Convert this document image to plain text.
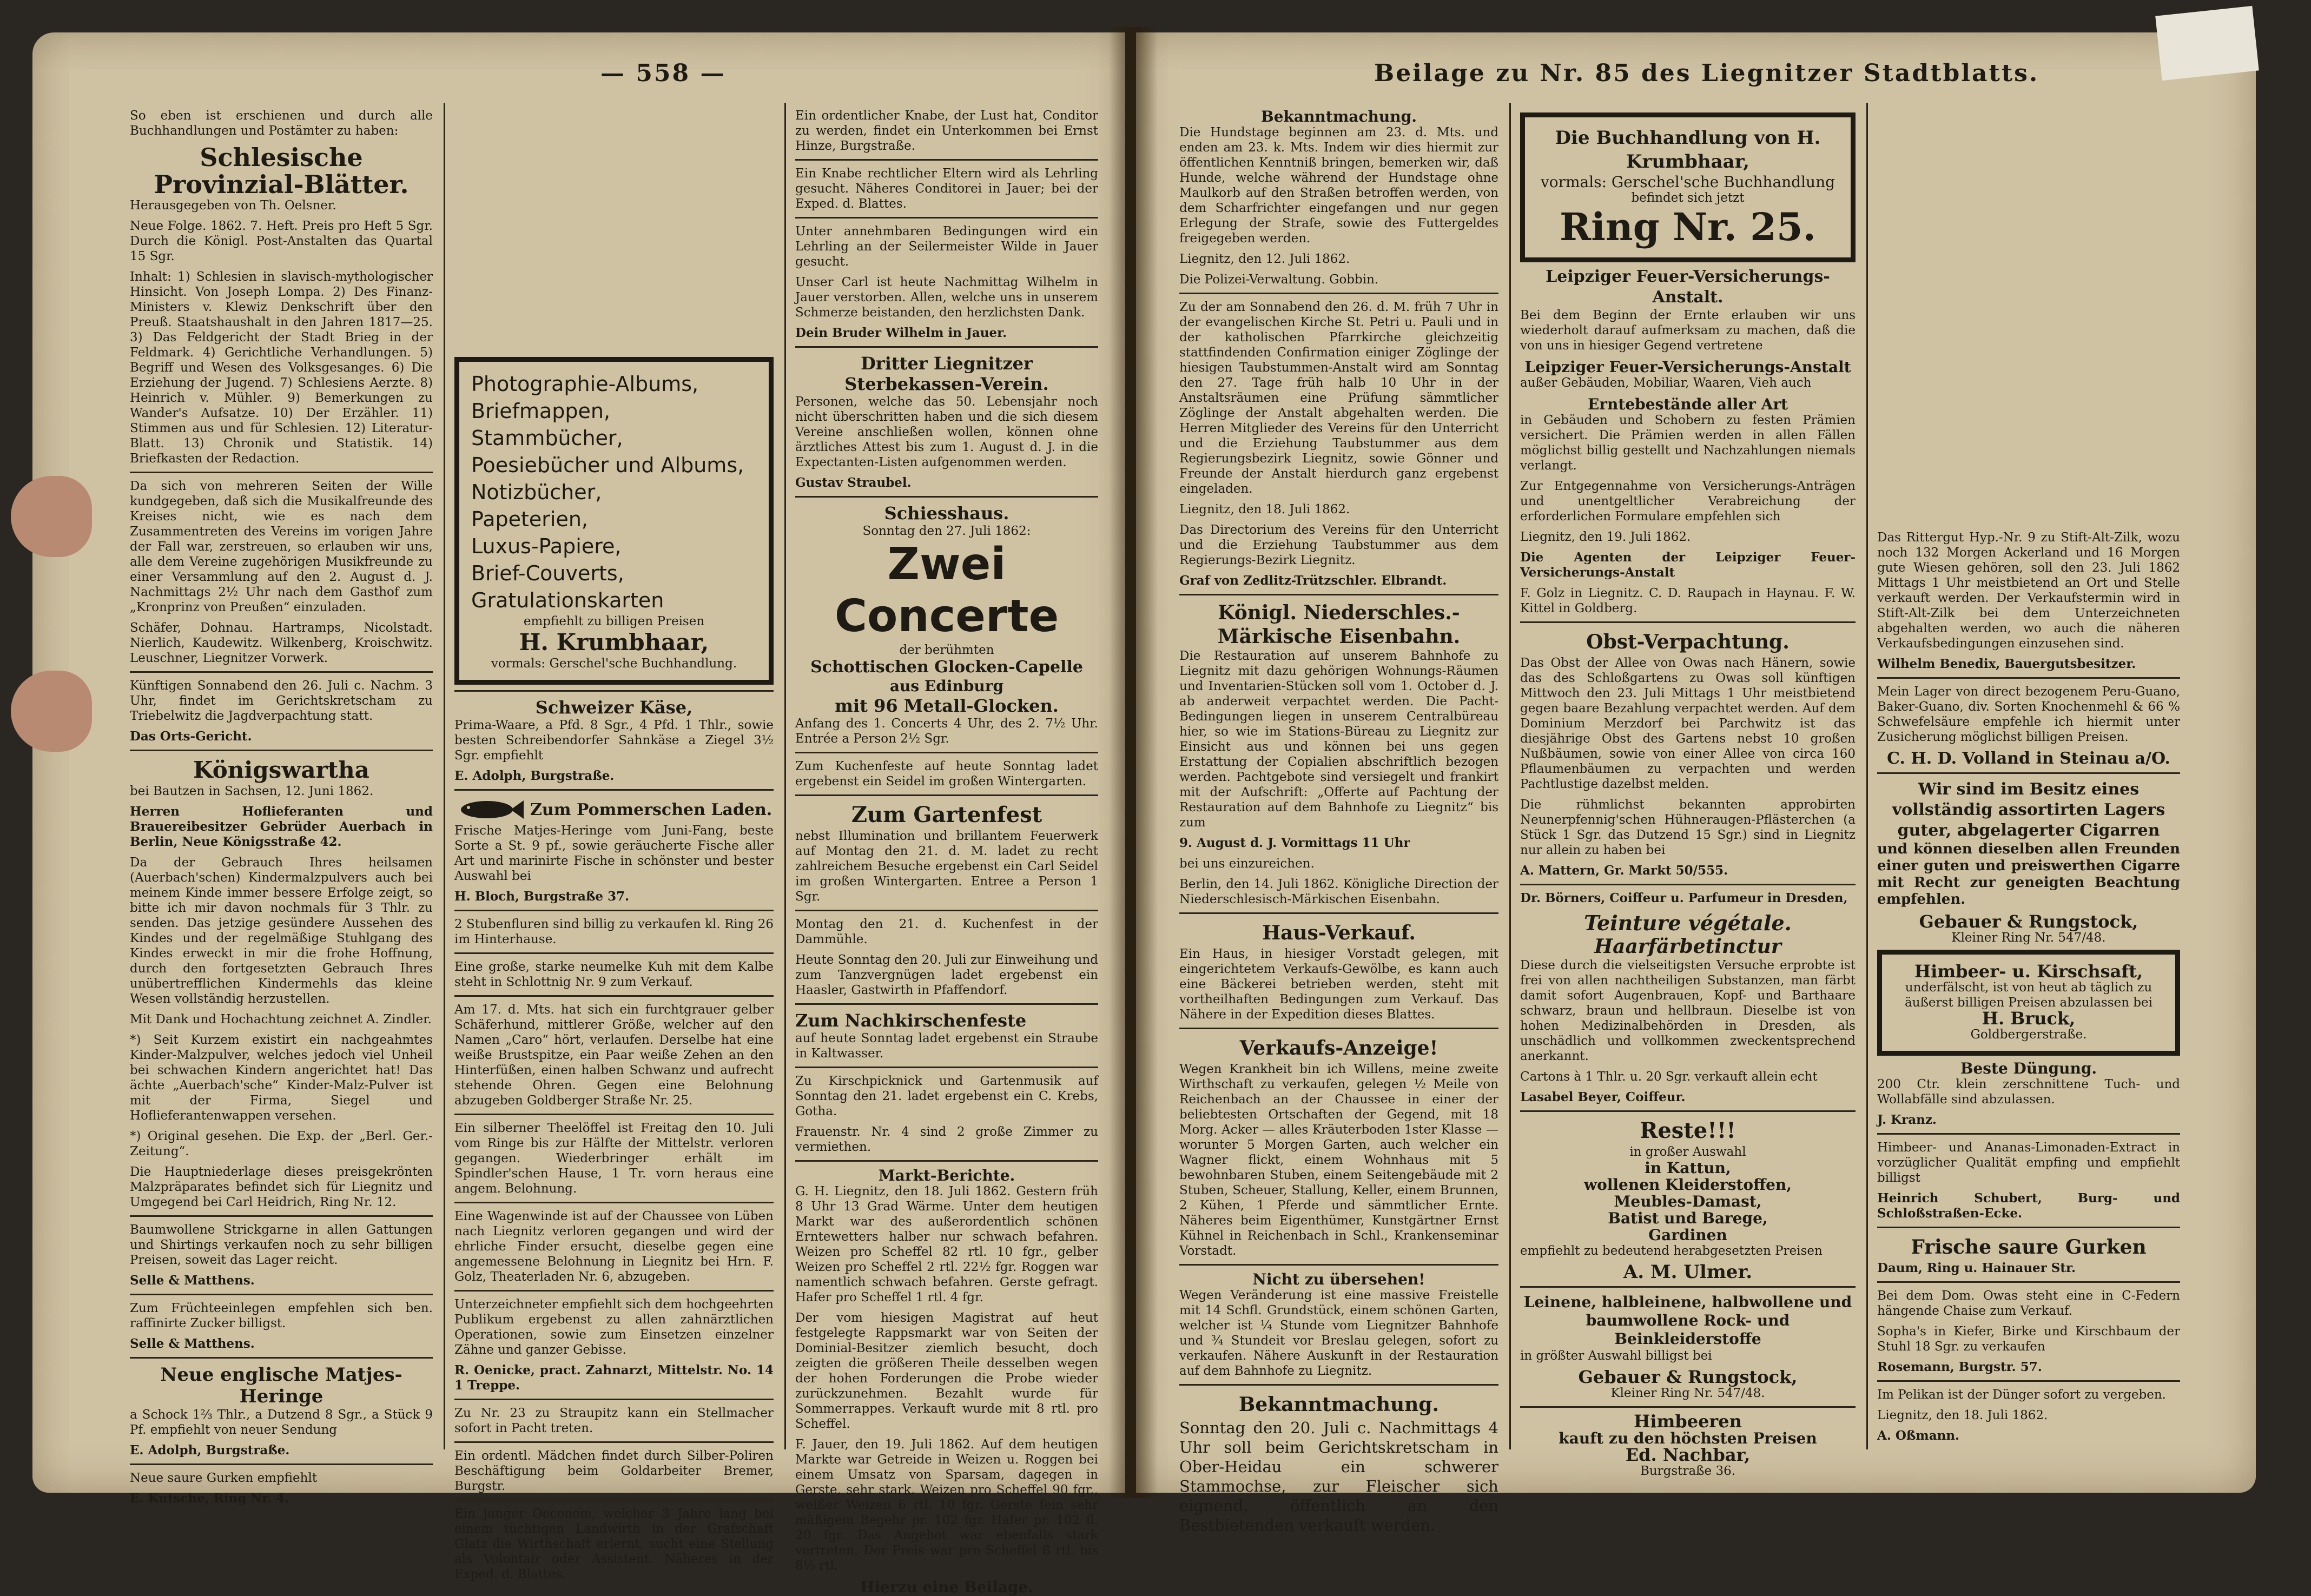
— 558 —

So eben ist erschienen und durch alle Buchhandlungen und Postämter zu haben:

Schlesische Provinzial-Blätter.

Herausgegeben von Th. Oelsner.

Neue Folge. 1862. 7. Heft. Preis pro Heft 5 Sgr. Durch die Königl. Post-Anstalten das Quartal 15 Sgr.

Inhalt: 1) Schlesien in slavisch-mythologischer Hinsicht. Von Joseph Lompa. 2) Des Finanz-Ministers v. Klewiz Denkschrift über den Preuß. Staatshaushalt in den Jahren 1817—25. 3) Das Feldgericht der Stadt Brieg in der Feldmark. 4) Gerichtliche Verhandlungen. 5) Begriff und Wesen des Volksgesanges. 6) Die Erziehung der Jugend. 7) Schlesiens Aerzte. 8) Heinrich v. Mühler. 9) Bemerkungen zu Wander's Aufsatze. 10) Der Erzähler. 11) Stimmen aus und für Schlesien. 12) Literatur-Blatt. 13) Chronik und Statistik. 14) Briefkasten der Redaction.

Da sich von mehreren Seiten der Wille kundgegeben, daß sich die Musikalfreunde des Kreises nicht, wie es nach dem Zusammentreten des Vereins im vorigen Jahre der Fall war, zerstreuen, so erlauben wir uns, alle dem Vereine zugehörigen Musikfreunde zu einer Versammlung auf den 2. August d. J. Nachmittags 2½ Uhr nach dem Gasthof zum „Kronprinz von Preußen“ einzuladen.

Schäfer, Dohnau. Hartramps, Nicolstadt. Nierlich, Kaudewitz. Wilkenberg, Kroischwitz. Leuschner, Liegnitzer Vorwerk.

Künftigen Sonnabend den 26. Juli c. Nachm. 3 Uhr, findet im Gerichtskretscham zu Triebelwitz die Jagdverpachtung statt.

Das Orts-Gericht.

Königswartha

bei Bautzen in Sachsen, 12. Juni 1862.

Herren Hoflieferanten und Brauereibesitzer Gebrüder Auerbach in Berlin, Neue Königsstraße 42.

Da der Gebrauch Ihres heilsamen (Auerbach'schen) Kindermalzpulvers auch bei meinem Kinde immer bessere Erfolge zeigt, so bitte ich mir davon nochmals für 3 Thlr. zu senden. Das jetzige gesündere Aussehen des Kindes und der regelmäßige Stuhlgang des Kindes erweckt in mir die frohe Hoffnung, durch den fortgesetzten Gebrauch Ihres unübertrefflichen Kindermehls das kleine Wesen vollständig herzustellen.

Mit Dank und Hochachtung zeichnet A. Zindler.

*) Seit Kurzem existirt ein nachgeahmtes Kinder-Malzpulver, welches jedoch viel Unheil bei schwachen Kindern angerichtet hat! Das ächte „Auerbach'sche“ Kinder-Malz-Pulver ist mit der Firma, Siegel und Hoflieferantenwappen versehen.

*) Original gesehen. Die Exp. der „Berl. Ger.-Zeitung“.

Die Hauptniederlage dieses preisgekrönten Malzpräparates befindet sich für Liegnitz und Umgegend bei Carl Heidrich, Ring Nr. 12.

Baumwollene Strickgarne in allen Gattungen und Shirtings verkaufen noch zu sehr billigen Preisen, soweit das Lager reicht.

Selle & Matthens.

Zum Früchteeinlegen empfehlen sich ben. raffinirte Zucker billigst.

Selle & Matthens.

Neue englische Matjes-Heringe

a Schock 1⅔ Thlr., a Dutzend 8 Sgr., a Stück 9 Pf. empfiehlt von neuer Sendung

E. Adolph, Burgstraße.

Neue saure Gurken empfiehlt

E. Kutsche, Ring Nr. 4.

Photographie-Albums,
Briefmappen,
Stammbücher,
Poesiebücher und Albums,
Notizbücher,
Papeterien,
Luxus-Papiere,
Brief-Couverts,
Gratulationskarten
empfiehlt zu billigen Preisen
H. Krumbhaar,
vormals: Gerschel'sche Buchhandlung.
Schweizer Käse,

Prima-Waare, a Pfd. 8 Sgr., 4 Pfd. 1 Thlr., sowie besten Schreibendorfer Sahnkäse a Ziegel 3½ Sgr. empfiehlt

E. Adolph, Burgstraße.

Zum Pommerschen Laden.

Frische Matjes-Heringe vom Juni-Fang, beste Sorte a St. 9 pf., sowie geräucherte Fische aller Art und marinirte Fische in schönster und bester Auswahl bei

H. Bloch, Burgstraße 37.

2 Stubenfluren sind billig zu verkaufen kl. Ring 26 im Hinterhause.

Eine große, starke neumelke Kuh mit dem Kalbe steht in Schlottnig Nr. 9 zum Verkauf.

Am 17. d. Mts. hat sich ein furchtgrauer gelber Schäferhund, mittlerer Größe, welcher auf den Namen „Caro“ hört, verlaufen. Derselbe hat eine weiße Brustspitze, ein Paar weiße Zehen an den Hinterfüßen, einen halben Schwanz und aufrecht stehende Ohren. Gegen eine Belohnung abzugeben Goldberger Straße Nr. 25.

Ein silberner Theelöffel ist Freitag den 10. Juli vom Ringe bis zur Hälfte der Mittelstr. verloren gegangen. Wiederbringer erhält im Spindler'schen Hause, 1 Tr. vorn heraus eine angem. Belohnung.

Eine Wagenwinde ist auf der Chaussee von Lüben nach Liegnitz verloren gegangen und wird der ehrliche Finder ersucht, dieselbe gegen eine angemessene Belohnung in Liegnitz bei Hrn. F. Golz, Theaterladen Nr. 6, abzugeben.

Unterzeichneter empfiehlt sich dem hochgeehrten Publikum ergebenst zu allen zahnärztlichen Operationen, sowie zum Einsetzen einzelner Zähne und ganzer Gebisse.

R. Oenicke, pract. Zahnarzt, Mittelstr. No. 14 1 Treppe.

Zu Nr. 23 zu Straupitz kann ein Stellmacher sofort in Pacht treten.

Ein ordentl. Mädchen findet durch Silber-Poliren Beschäftigung beim Goldarbeiter Bremer, Burgstr.

Ein junger Oeconom, welcher 3 Jahre lang bei einem tüchtigen Landwirth in der Grafschaft Glatz die Wirthschaft erlernt, sucht eine Stellung als Volontair oder Assistent. Näheres in der Exped. d. Blattes.

Ein ordentlicher Knabe, der Lust hat, Conditor zu werden, findet ein Unterkommen bei Ernst Hinze, Burgstraße.

Ein Knabe rechtlicher Eltern wird als Lehrling gesucht. Näheres Conditorei in Jauer; bei der Exped. d. Blattes.

Unter annehmbaren Bedingungen wird ein Lehrling an der Seilermeister Wilde in Jauer gesucht.

Unser Carl ist heute Nachmittag Wilhelm in Jauer verstorben. Allen, welche uns in unserem Schmerze beistanden, den herzlichsten Dank.

Dein Bruder Wilhelm in Jauer.

Dritter Liegnitzer Sterbekassen-Verein.

Personen, welche das 50. Lebensjahr noch nicht überschritten haben und die sich diesem Vereine anschließen wollen, können ohne ärztliches Attest bis zum 1. August d. J. in die Expectanten-Listen aufgenommen werden.

Gustav Straubel.

Schiesshaus.
Sonntag den 27. Juli 1862:
Zwei Concerte
der berühmten
Schottischen Glocken-Capelle
aus Edinburg
mit 96 Metall-Glocken.

Anfang des 1. Concerts 4 Uhr, des 2. 7½ Uhr. Entrée a Person 2½ Sgr.

Zum Kuchenfeste auf heute Sonntag ladet ergebenst ein Seidel im großen Wintergarten.

Zum Gartenfest

nebst Illumination und brillantem Feuerwerk auf Montag den 21. d. M. ladet zu recht zahlreichem Besuche ergebenst ein Carl Seidel im großen Wintergarten. Entree a Person 1 Sgr.

Montag den 21. d. Kuchenfest in der Dammühle.

Heute Sonntag den 20. Juli zur Einweihung und zum Tanzvergnügen ladet ergebenst ein Haasler, Gastwirth in Pfaffendorf.

Zum Nachkirschenfeste

auf heute Sonntag ladet ergebenst ein Straube in Kaltwasser.

Zu Kirschpicknick und Gartenmusik auf Sonntag den 21. ladet ergebenst ein C. Krebs, Gotha.

Frauenstr. Nr. 4 sind 2 große Zimmer zu vermiethen.

Markt-Berichte.

G. H. Liegnitz, den 18. Juli 1862. Gestern früh 8 Uhr 13 Grad Wärme. Unter dem heutigen Markt war des außerordentlich schönen Erntewetters halber nur schwach befahren. Weizen pro Scheffel 82 rtl. 10 fgr., gelber Weizen pro Scheffel 2 rtl. 22½ fgr. Roggen war namentlich schwach befahren. Gerste gefragt. Hafer pro Scheffel 1 rtl. 4 fgr.

Der vom hiesigen Magistrat auf heut festgelegte Rappsmarkt war von Seiten der Dominial-Besitzer ziemlich besucht, doch zeigten die größeren Theile desselben wegen der hohen Forderungen die Probe wieder zurückzunehmen. Bezahlt wurde für Sommerrappes. Verkauft wurde mit 8 rtl. pro Scheffel.

F. Jauer, den 19. Juli 1862. Auf dem heutigen Markte war Getreide in Weizen u. Roggen bei einem Umsatz von Sparsam, dagegen in Gerste, sehr stark. Weizen pro Scheffel 90 fgr., weißer Weizen 6 rtl. 10 fgr. Gerste fein sehr mäßigem Begehr pr. 102 fgr. Hafer pr. 102 fl. 20 fgr. Das Angebot war ebenfalls stark vertreten. Der Preis war pro Scheffel 8 rtl. bis 8⅓ rtl.

Hierzu eine Beilage.
Beilage zu Nr. 85 des Liegnitzer Stadtblatts.
Bekanntmachung.

Die Hundstage beginnen am 23. d. Mts. und enden am 23. k. Mts. Indem wir dies hiermit zur öffentlichen Kenntniß bringen, bemerken wir, daß Hunde, welche während der Hundstage ohne Maulkorb auf den Straßen betroffen werden, von dem Scharfrichter eingefangen und nur gegen Erlegung der Strafe, sowie des Futtergeldes freigegeben werden.

Liegnitz, den 12. Juli 1862.

Die Polizei-Verwaltung. Gobbin.

Zu der am Sonnabend den 26. d. M. früh 7 Uhr in der evangelischen Kirche St. Petri u. Pauli und in der katholischen Pfarrkirche gleichzeitig stattfindenden Confirmation einiger Zöglinge der hiesigen Taubstummen-Anstalt wird am Sonntag den 27. Tage früh halb 10 Uhr in der Anstaltsräumen eine Prüfung sämmtlicher Zöglinge der Anstalt abgehalten werden. Die Herren Mitglieder des Vereins für den Unterricht und die Erziehung Taubstummer aus dem Regierungsbezirk Liegnitz, sowie Gönner und Freunde der Anstalt hierdurch ganz ergebenst eingeladen.

Liegnitz, den 18. Juli 1862.

Das Directorium des Vereins für den Unterricht und die Erziehung Taubstummer aus dem Regierungs-Bezirk Liegnitz.

Graf von Zedlitz-Trützschler. Elbrandt.

Königl. Niederschles.-Märkische Eisenbahn.

Die Restauration auf unserem Bahnhofe zu Liegnitz mit dazu gehörigen Wohnungs-Räumen und Inventarien-Stücken soll vom 1. October d. J. ab anderweit verpachtet werden. Die Pacht-Bedingungen liegen in unserem Centralbüreau hier, so wie im Stations-Büreau zu Liegnitz zur Einsicht aus und können bei uns gegen Erstattung der Copialien abschriftlich bezogen werden. Pachtgebote sind versiegelt und frankirt mit der Aufschrift: „Offerte auf Pachtung der Restauration auf dem Bahnhofe zu Liegnitz“ bis zum

9. August d. J. Vormittags 11 Uhr

bei uns einzureichen.

Berlin, den 14. Juli 1862. Königliche Direction der Niederschlesisch-Märkischen Eisenbahn.

Haus-Verkauf.

Ein Haus, in hiesiger Vorstadt gelegen, mit eingerichtetem Verkaufs-Gewölbe, es kann auch eine Bäckerei betrieben werden, steht mit vortheilhaften Bedingungen zum Verkauf. Das Nähere in der Expedition dieses Blattes.

Verkaufs-Anzeige!

Wegen Krankheit bin ich Willens, meine zweite Wirthschaft zu verkaufen, gelegen ½ Meile von Reichenbach an der Chaussee in einer der beliebtesten Ortschaften der Gegend, mit 18 Morg. Acker — alles Kräuterboden 1ster Klasse — worunter 5 Morgen Garten, auch welcher ein Wagner flickt, einem Wohnhaus mit 5 bewohnbaren Stuben, einem Seitengebäude mit 2 Stuben, Scheuer, Stallung, Keller, einem Brunnen, 2 Kühen, 1 Pferde und sämmtlicher Ernte. Näheres beim Eigenthümer, Kunstgärtner Ernst Kühnel in Reichenbach in Schl., Krankenseminar Vorstadt.

Nicht zu übersehen!

Wegen Veränderung ist eine massive Freistelle mit 14 Schfl. Grundstück, einem schönen Garten, welcher ist ¼ Stunde vom Liegnitzer Bahnhofe und ¾ Stundeit vor Breslau gelegen, sofort zu verkaufen. Nähere Auskunft in der Restauration auf dem Bahnhofe zu Liegnitz.

Bekanntmachung.

Sonntag den 20. Juli c. Nachmittags 4 Uhr soll beim Gerichtskretscham in Ober-Heidau ein schwerer Stammochse, zur Fleischer sich eignend, öffentlich an den Bestbietenden verkauft werden.

Die Buchhandlung von H. Krumbhaar,
vormals: Gerschel'sche Buchhandlung
befindet sich jetzt
Ring Nr. 25.
Leipziger Feuer-Versicherungs-Anstalt.

Bei dem Beginn der Ernte erlauben wir uns wiederholt darauf aufmerksam zu machen, daß die von uns in hiesiger Gegend vertretene

Leipziger Feuer-Versicherungs-Anstalt

außer Gebäuden, Mobiliar, Waaren, Vieh auch

Erntebestände aller Art

in Gebäuden und Schobern zu festen Prämien versichert. Die Prämien werden in allen Fällen möglichst billig gestellt und Nachzahlungen niemals verlangt.

Zur Entgegennahme von Versicherungs-Anträgen und unentgeltlicher Verabreichung der erforderlichen Formulare empfehlen sich

Liegnitz, den 19. Juli 1862.

Die Agenten der Leipziger Feuer-Versicherungs-Anstalt

F. Golz in Liegnitz. C. D. Raupach in Haynau. F. W. Kittel in Goldberg.

Obst-Verpachtung.

Das Obst der Allee von Owas nach Hänern, sowie das des Schloßgartens zu Owas soll künftigen Mittwoch den 23. Juli Mittags 1 Uhr meistbietend gegen baare Bezahlung verpachtet werden. Auf dem Dominium Merzdorf bei Parchwitz ist das diesjährige Obst des Gartens nebst 10 großen Nußbäumen, sowie von einer Allee von circa 160 Pflaumenbäumen zu verpachten und werden Pachtlustige dazelbst melden.

Die rühmlichst bekannten approbirten Neunerpfennig'schen Hühneraugen-Pflästerchen (a Stück 1 Sgr. das Dutzend 15 Sgr.) sind in Liegnitz nur allein zu haben bei

A. Mattern, Gr. Markt 50/555.

Dr. Börners, Coiffeur u. Parfumeur in Dresden,

Teinture végétale.
Haarfärbetinctur

Diese durch die vielseitigsten Versuche erprobte ist frei von allen nachtheiligen Substanzen, man färbt damit sofort Augenbrauen, Kopf- und Barthaare schwarz, braun und hellbraun. Dieselbe ist von hohen Medizinalbehörden in Dresden, als unschädlich und vollkommen zweckentsprechend anerkannt.

Cartons à 1 Thlr. u. 20 Sgr. verkauft allein echt

Lasabel Beyer, Coiffeur.

Reste!!!
in großer Auswahl
in Kattun,
wollenen Kleiderstoffen,
Meubles-Damast,
Batist und Barege,
Gardinen

empfiehlt zu bedeutend herabgesetzten Preisen

A. M. Ulmer.
Leinene, halbleinene, halbwollene und baumwollene Rock- und Beinkleiderstoffe

in größter Auswahl billigst bei

Gebauer & Rungstock,
Kleiner Ring Nr. 547/48.
Himbeeren
kauft zu den höchsten Preisen
Ed. Nachbar,
Burgstraße 36.

Das Rittergut Hyp.-Nr. 9 zu Stift-Alt-Zilk, wozu noch 132 Morgen Ackerland und 16 Morgen gute Wiesen gehören, soll den 23. Juli 1862 Mittags 1 Uhr meistbietend an Ort und Stelle verkauft werden. Der Verkaufstermin wird in Stift-Alt-Zilk bei dem Unterzeichneten abgehalten werden, wo auch die näheren Verkaufsbedingungen einzusehen sind.

Wilhelm Benedix, Bauergutsbesitzer.

Mein Lager von direct bezogenem Peru-Guano, Baker-Guano, div. Sorten Knochenmehl & 66 % Schwefelsäure empfehle ich hiermit unter Zusicherung möglichst billigen Preisen.

C. H. D. Volland in Steinau a/O.
Wir sind im Besitz eines vollständig assortirten Lagers guter, abgelagerter Cigarren

und können dieselben allen Freunden einer guten und preiswerthen Cigarre mit Recht zur geneigten Beachtung empfehlen.

Gebauer & Rungstock,
Kleiner Ring Nr. 547/48.
Himbeer- u. Kirschsaft,
underfälscht, ist von heut ab täglich zu äußerst billigen Preisen abzulassen bei
H. Bruck,
Goldbergerstraße.
Beste Düngung.

200 Ctr. klein zerschnittene Tuch- und Wollabfälle sind abzulassen.

J. Kranz.

Himbeer- und Ananas-Limonaden-Extract in vorzüglicher Qualität empfing und empfiehlt billigst

Heinrich Schubert, Burg- und Schloßstraßen-Ecke.

Frische saure Gurken

Daum, Ring u. Hainauer Str.

Bei dem Dom. Owas steht eine in C-Federn hängende Chaise zum Verkauf.

Sopha's in Kiefer, Birke und Kirschbaum der Stuhl 18 Sgr. zu verkaufen

Rosemann, Burgstr. 57.

Im Pelikan ist der Dünger sofort zu vergeben.

Liegnitz, den 18. Juli 1862.

A. Oßmann.
